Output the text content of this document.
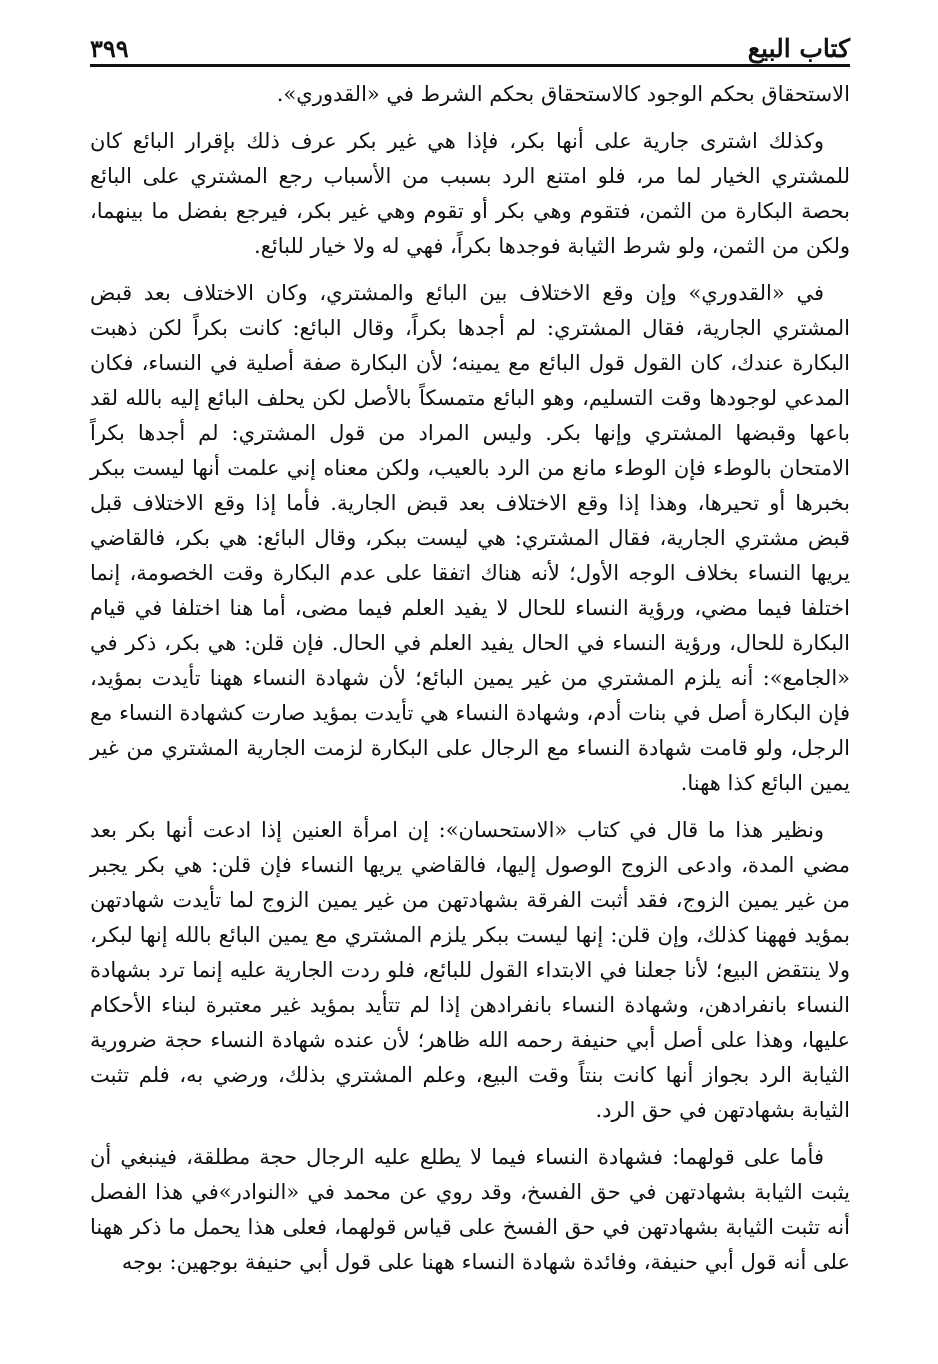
كتاب البيع
٣٩٩

الاستحقاق بحكم الوجود كالاستحقاق بحكم الشرط في «القدوري».

وكذلك اشترى جارية على أنها بكر، فإذا هي غير بكر عرف ذلك بإقرار البائع كان للمشتري الخيار لما مر، فلو امتنع الرد بسبب من الأسباب رجع المشتري على البائع بحصة البكارة من الثمن، فتقوم وهي بكر أو تقوم وهي غير بكر، فيرجع بفضل ما بينهما، ولكن من الثمن، ولو شرط الثيابة فوجدها بكراً، فهي له ولا خيار للبائع.

في «القدوري» وإن وقع الاختلاف بين البائع والمشتري، وكان الاختلاف بعد قبض المشتري الجارية، فقال المشتري: لم أجدها بكراً، وقال البائع: كانت بكراً لكن ذهبت البكارة عندك، كان القول قول البائع مع يمينه؛ لأن البكارة صفة أصلية في النساء، فكان المدعي لوجودها وقت التسليم، وهو البائع متمسكاً بالأصل لكن يحلف البائع إليه بالله لقد باعها وقبضها المشتري وإنها بكر. وليس المراد من قول المشتري: لم أجدها بكراً الامتحان بالوطء فإن الوطء مانع من الرد بالعيب، ولكن معناه إني علمت أنها ليست ببكر بخبرها أو تحيرها، وهذا إذا وقع الاختلاف بعد قبض الجارية. فأما إذا وقع الاختلاف قبل قبض مشتري الجارية، فقال المشتري: هي ليست ببكر، وقال البائع: هي بكر، فالقاضي يريها النساء بخلاف الوجه الأول؛ لأنه هناك اتفقا على عدم البكارة وقت الخصومة، إنما اختلفا فيما مضي، ورؤية النساء للحال لا يفيد العلم فيما مضى، أما هنا اختلفا في قيام البكارة للحال، ورؤية النساء في الحال يفيد العلم في الحال. فإن قلن: هي بكر، ذكر في «الجامع»: أنه يلزم المشتري من غير يمين البائع؛ لأن شهادة النساء ههنا تأيدت بمؤيد، فإن البكارة أصل في بنات أدم، وشهادة النساء هي تأيدت بمؤيد صارت كشهادة النساء مع الرجل، ولو قامت شهادة النساء مع الرجال على البكارة لزمت الجارية المشتري من غير يمين البائع كذا ههنا.

ونظير هذا ما قال في كتاب «الاستحسان»: إن امرأة العنين إذا ادعت أنها بكر بعد مضي المدة، وادعى الزوج الوصول إليها، فالقاضي يريها النساء فإن قلن: هي بكر يجبر من غير يمين الزوج، فقد أثبت الفرقة بشهادتهن من غير يمين الزوج لما تأيدت شهادتهن بمؤيد فههنا كذلك، وإن قلن: إنها ليست ببكر يلزم المشتري مع يمين البائع بالله إنها لبكر، ولا ينتقض البيع؛ لأنا جعلنا في الابتداء القول للبائع، فلو ردت الجارية عليه إنما ترد بشهادة النساء بانفرادهن، وشهادة النساء بانفرادهن إذا لم تتأيد بمؤيد غير معتبرة لبناء الأحكام عليها، وهذا على أصل أبي حنيفة رحمه الله ظاهر؛ لأن عنده شهادة النساء حجة ضرورية الثيابة الرد بجواز أنها كانت بنتاً وقت البيع، وعلم المشتري بذلك، ورضي به، فلم تثبت الثيابة بشهادتهن في حق الرد.

فأما على قولهما: فشهادة النساء فيما لا يطلع عليه الرجال حجة مطلقة، فينبغي أن يثبت الثيابة بشهادتهن في حق الفسخ، وقد روي عن محمد في «النوادر»في هذا الفصل أنه تثبت الثيابة بشهادتهن في حق الفسخ على قياس قولهما، فعلى هذا يحمل ما ذكر ههنا على أنه قول أبي حنيفة، وفائدة شهادة النساء ههنا على قول أبي حنيفة بوجهين: بوجه
